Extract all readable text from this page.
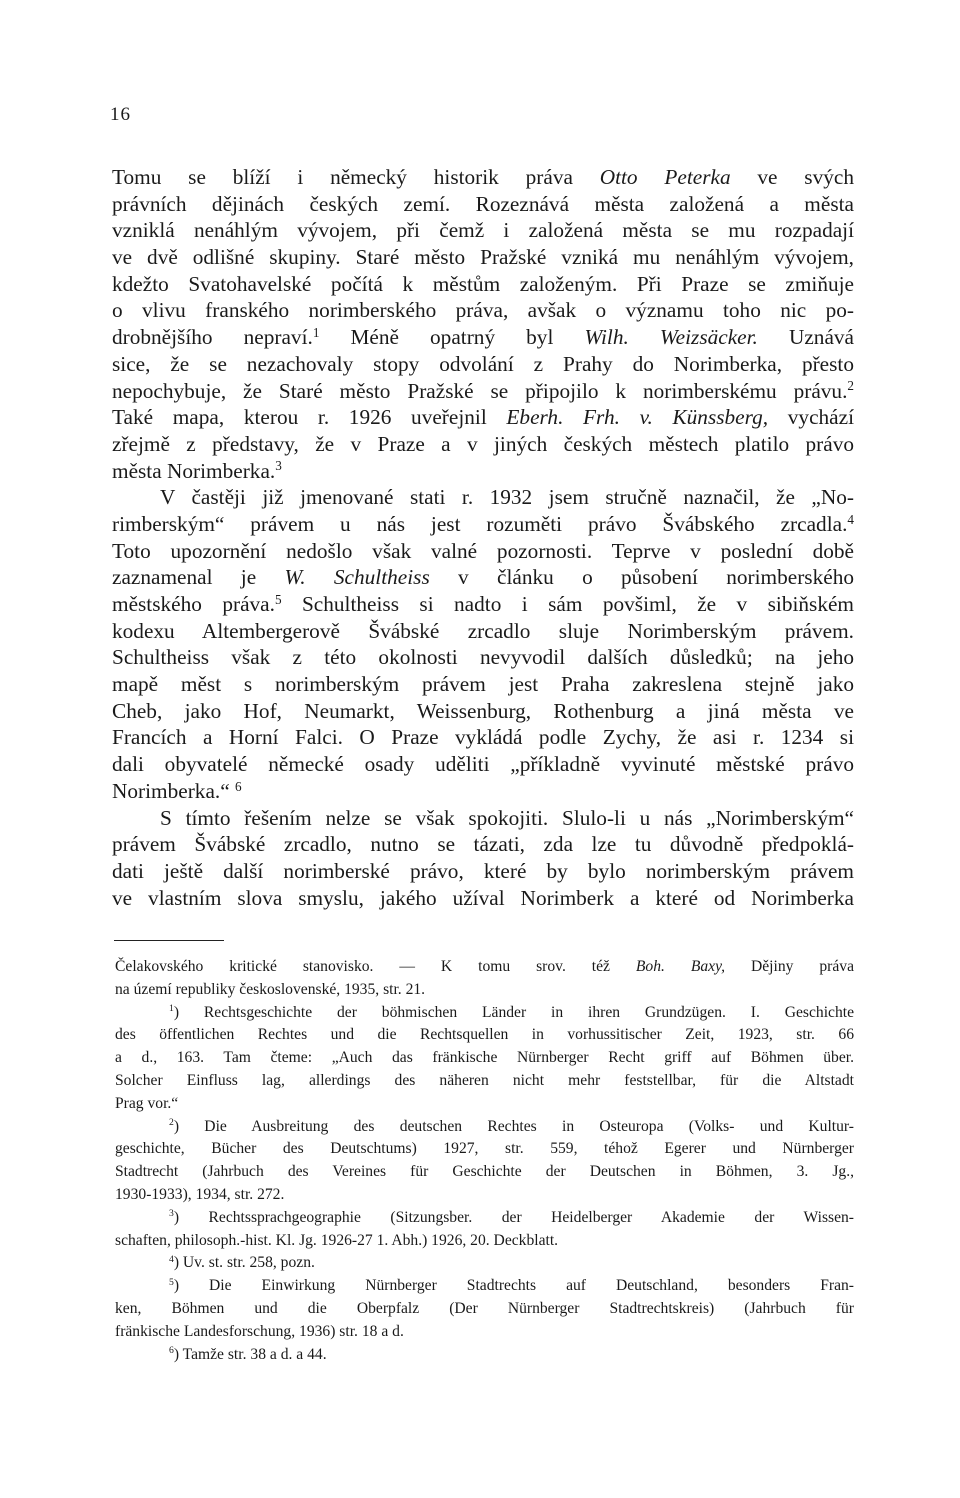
16
Tomu se blíží i německý historik práva Otto Peterka ve svých
právních dějinách českých zemí. Rozeznává města založená a města
vzniklá nenáhlým vývojem, při čemž i založená města se mu rozpadají
ve dvě odlišné skupiny. Staré město Pražské vzniká mu nenáhlým vývojem,
kdežto Svatohavelské počítá k městům založeným. Při Praze se zmiňuje
o vlivu franského norimberského práva, avšak o významu toho nic po-
drobnějšího nepraví.$^1$ Méně opatrný byl Wilh. Weizsäcker. Uznává
sice, že se nezachovaly stopy odvolání z Prahy do Norimberka, přesto
nepochybuje, že Staré město Pražské se připojilo k norimberskému právu.$^2$
Také mapa, kterou r. 1926 uveřejnil Eberh. Frh. v. Künssberg, vychází
zřejmě z představy, že v Praze a v jiných českých městech platilo právo
města Norimberka.$^3$
V častěji již jmenované stati r. 1932 jsem stručně naznačil, že „No-
rimberským“ právem u nás jest rozuměti právo Švábského zrcadla.$^4$
Toto upozornění nedošlo však valné pozornosti. Teprve v poslední době
zaznamenal je W. Schultheiss v článku o působení norimberského
městského práva.$^5$ Schultheiss si nadto i sám povšiml, že v sibiňském
kodexu Altembergerově Švábské zrcadlo sluje Norimberským právem.
Schultheiss však z této okolnosti nevyvodil dalších důsledků; na jeho
mapě měst s norimberským právem jest Praha zakreslena stejně jako
Cheb, jako Hof, Neumarkt, Weissenburg, Rothenburg a jiná města ve
Francích a Horní Falci. O Praze vykládá podle Zychy, že asi r. 1234 si
dali obyvatelé německé osady uděliti „příkladně vyvinuté městské právo
Norimberka.“ $^6$
S tímto řešením nelze se však spokojiti. Slulo-li u nás „Norimberským“
právem Švábské zrcadlo, nutno se tázati, zda lze tu důvodně předpoklá-
dati ještě další norimberské právo, které by bylo norimberským právem
ve vlastním slova smyslu, jakého užíval Norimberk a které od Norimberka
Čelakovského kritické stanovisko. — K tomu srov. též Boh. Baxy, Dějiny práva
na území republiky československé, 1935, str. 21.
$^1$) Rechtsgeschichte der böhmischen Länder in ihren Grundzügen. I. Geschichte
des öffentlichen Rechtes und die Rechtsquellen in vorhussitischer Zeit, 1923, str. 66
a d., 163. Tam čteme: „Auch das fränkische Nürnberger Recht griff auf Böhmen über.
Solcher Einfluss lag, allerdings des näheren nicht mehr feststellbar, für die Altstadt
Prag vor.“
$^2$) Die Ausbreitung des deutschen Rechtes in Osteuropa (Volks- und Kultur-
geschichte, Bücher des Deutschtums) 1927, str. 559, téhož Egerer und Nürnberger
Stadtrecht (Jahrbuch des Vereines für Geschichte der Deutschen in Böhmen, 3. Jg.,
1930-1933), 1934, str. 272.
$^3$) Rechtssprachgeographie (Sitzungsber. der Heidelberger Akademie der Wissen-
schaften, philosoph.-hist. Kl. Jg. 1926-27 1. Abh.) 1926, 20. Deckblatt.
$^4$) Uv. st. str. 258, pozn.
$^5$) Die Einwirkung Nürnberger Stadtrechts auf Deutschland, besonders Fran-
ken, Böhmen und die Oberpfalz (Der Nürnberger Stadtrechtskreis) (Jahrbuch für
fränkische Landesforschung, 1936) str. 18 a d.
$^6$) Tamže str. 38 a d. a 44.
